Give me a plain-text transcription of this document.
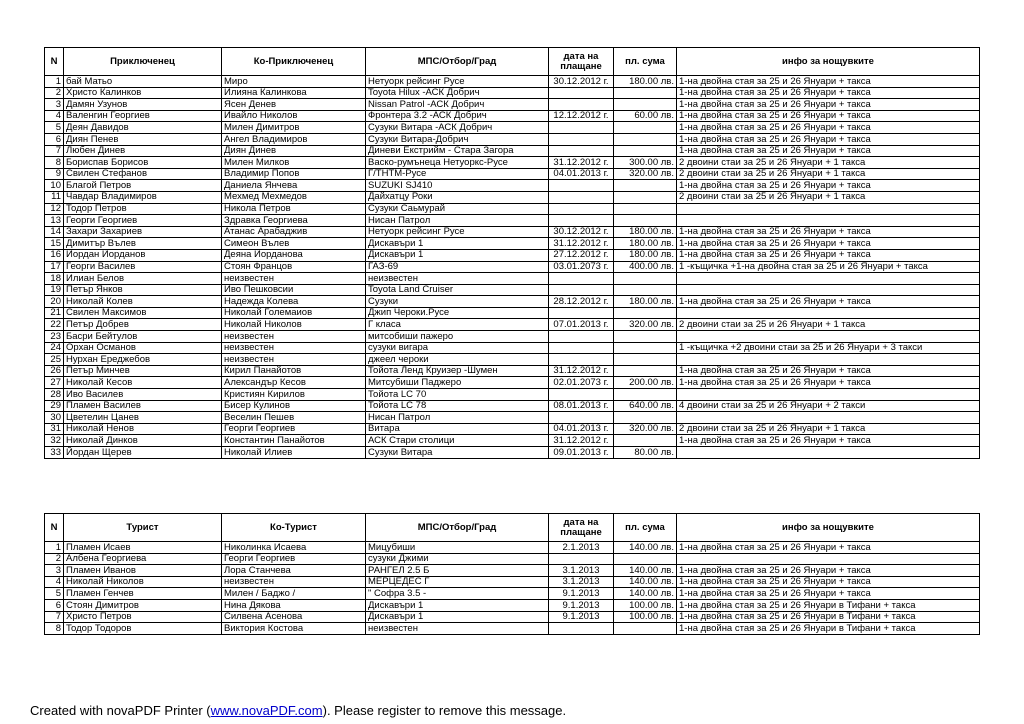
N	Приключенец	Ко-Приключенец	МПС/Отбор/Град	дата на плащане	пл. сума	инфо за нощувките
1	бай Матьо	Миро	Нетуорк рейсинг Русе	30.12.2012 г.	180.00 лв.	1-на двойна стая за 25 и 26 Януари + такса
2	Христо Калинков	Илияна Калинкова	Toyota Hilux -АСК Добрич			1-на двойна стая за 25 и 26 Януари + такса
3	Дамян Узунов	Ясен Денев	Nissan Patrol -АСК Добрич			1-на двойна стая за 25 и 26 Януари + такса
4	Валенгин Георгиев	Ивайло Николов	Фронтера 3.2 -АСК Добрич	12.12.2012 г.	60.00 лв.	1-на двойна стая за 25 и 26 Януари + такса
5	Деян Давидов	Милен Димитров	Сузуки Витара -АСК Добрич			1-на двойна стая за 25 и 26 Януари + такса
6	Диян Пенев	Ангел Владимиров	Сузуки Витара-Добрич			1-на двойна стая за 25 и 26 Януари + такса
7	Любен Динев	Диян Динев	Диневи Екстрийм - Стара Загора			1-на двойна стая за 25 и 26 Януари + такса
8	Бориспав Борисов	Милен Милков	Васко-румънеца Нетуоркс-Русе	31.12.2012 г.	300.00 лв.	2 двоини стаи за 25 и 26 Януари + 1 такса
9	Свилен Стефанов	Владимир Попов	Г/ТНТМ-Русе	04.01.2013 г.	320.00 лв.	2 двоини стаи за 25 и 26 Януари + 1 такса
10	Благой Петров	Даниела Янчева	SUZUKI SJ410			1-на двойна стая за 25 и 26 Януари + такса
11	Чавдар Владимиров	Мехмед Мехмедов	Дайхатцу Роки			2 двоини стаи за 25 и 26 Януари + 1 такса
12	Тодор Петров	Никола Петров	Сузуки Саьмурай			
13	Георги Георгиев	Здравка Георгиева	Нисан Патрол			
14	Захари Захариев	Атанас Арабаджив	Нетуорк рейсинг Русе	30.12.2012 г.	180.00 лв.	1-на двойна стая за 25 и 26 Януари + такса
15	Димитър Вълев	Симеон Вълев	Дискавъри 1	31.12.2012 г.	180.00 лв.	1-на двойна стая за 25 и 26 Януари + такса
16	Йордан Йорданов	Деяна Йорданова	Дискавъри 1	27.12.2012 г.	180.00 лв.	1-на двойна стая за 25 и 26 Януари + такса
17	Георги Василев	Стоян Францов	ГАЗ-69	03.01.2073 г.	400.00 лв.	1 -къщичка +1-на двойна стая за 25 и 26 Януари + такса
18	Илиан Белов	неизвестен	неизвестен			
19	Петър Янков	Иво Пешковсии	Toyota Land Cruiser			
20	Николай Колев	Надежда Колева	Сузуки	28.12.2012 г.	180.00 лв.	1-на двойна стая за 25 и 26 Януари + такса
21	Свилен Максимов	Николай Големаиов	Джип Чероки.Русе			
22	Петър Добрев	Николай Николов	Г класа	07.01.2013 г.	320.00 лв.	2 двоини стаи за 25 и 26 Януари + 1 такса
23	Басри Бейтулов	неизвестен	митсобиши пажеро			
24	Орхан Османов	неизвестен	сузуки вигара			1 -къщичка +2 двоини стаи за 25 и 26 Януари + 3 такси
25	Нурхан Ереджебов	неизвестен	джеел чероки			
26	Петър Минчев	Кирил Панайотов	Тойота Ленд Круизер -Шумен	31.12.2012 г.		1-на двойна стая за 25 и 26 Януари + такса
27	Николай Кесов	Александър Кесов	Митсубиши Паджеро	02.01.2073 г.	200.00 лв.	1-на двойна стая за 25 и 26 Януари + такса
28	Иво Василев	Кристиян Кирилов	Тойота LC 70			
29	Пламен Василев	Бисер Кулинов	Тойота LC 78	08.01.2013 г.	640.00 лв.	4 двоини стаи за 25 и 26 Януари + 2 такси
30	Цветелин Цанев	Веселин Пешев	Нисан Патрол			
31	Николай Ненов	Георги Георгиев	Витара	04.01.2013 г.	320.00 лв.	2 двоини стаи за 25 и 26 Януари + 1 такса
32	Николай Динков	Константин Панайотов	АСК Стари столици	31.12.2012 г.		1-на двойна стая за 25 и 26 Януари + такса
33	Йордан Щерев	Николай Илиев	Сузуки Витара	09.01.2013 г.	80.00 лв.	
N	Турист	Ко-Турист	МПС/Отбор/Град	дата на плащане	пл. сума	инфо за нощувките
1	Пламен Исаев	Николинка Исаева	Мицубиши	2.1.2013	140.00 лв.	1-на двойна стая за 25 и 26 Януари + такса
2	Албена Георгиева	Георги Георгиев	сузуки Джими			
3	Пламен Иванов	Лора Станчева	РАНГЕЛ 2.5 Б	3.1.2013	140.00 лв.	1-на двойна стая за 25 и 26 Януари + такса
4	Николай Николов	неизвестен	МЕРЦЕДЕС Г	3.1.2013	140.00 лв.	1-на двойна стая за 25 и 26 Януари + такса
5	Пламен Генчев	Милен / Баджо /	" Софра 3.5 -	9.1.2013	140.00 лв.	1-на двойна стая за 25 и 26 Януари + такса
6	Стоян Димитров	Нина Дякова	Дискавъри 1	9.1.2013	100.00 лв.	1-на двойна стая за 25 и 26 Януари в Тифани + такса
7	Христо Петров	Силвена Асенова	Дискавъри 1	9.1.2013	100.00 лв.	1-на двойна стая за 25 и 26 Януари в Тифани + такса
8	Тодор Тодоров	Виктория Костова	неизвестен			1-на двойна стая за 25 и 26 Януари в Тифани + такса
Created with novaPDF Printer (www.novaPDF.com). Please register to remove this message.
